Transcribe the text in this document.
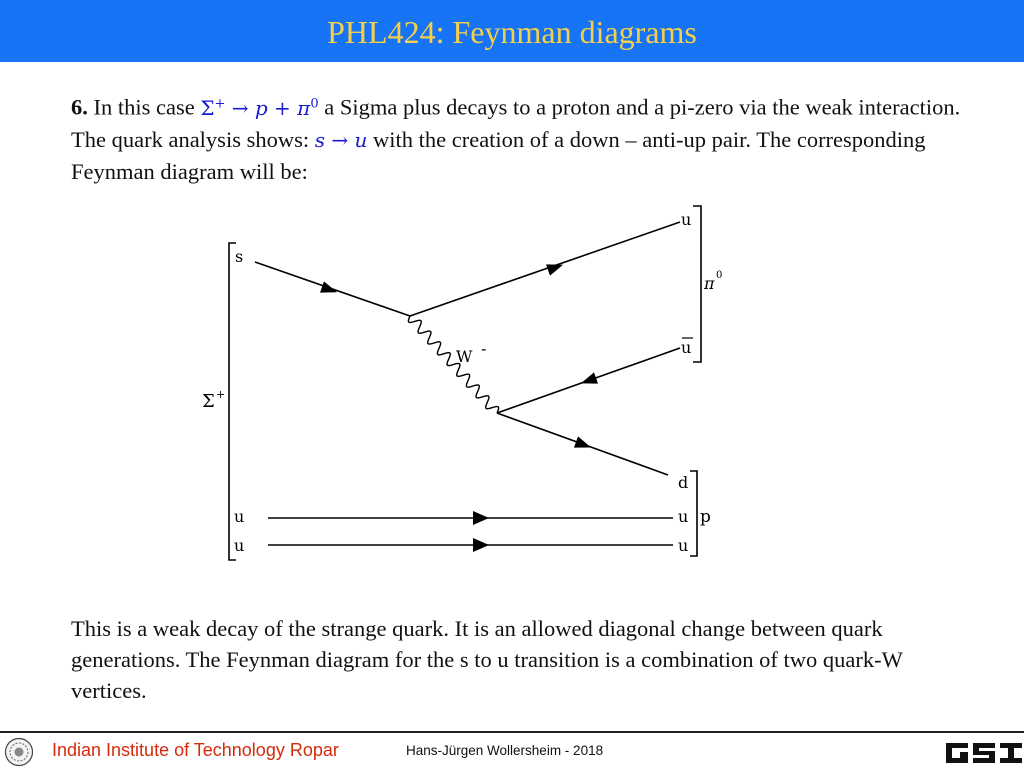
PHL424: Feynman diagrams
6. In this case $\Sigma^+ \to p + \pi^0$ a Sigma plus decays to a proton and a pi-zero via the weak interaction. The quark analysis shows: s → u with the creation of a down – anti-up pair. The corresponding Feynman diagram will be:
s
Σ +
W -
u
π 0
u
d
u
u
u
u
p
This is a weak decay of the strange quark. It is an allowed diagonal change between quark generations. The Feynman diagram for the s to u transition is a combination of two quark-W vertices.
Indian Institute of Technology Ropar	Hans-Jürgen Wollersheim - 2018
